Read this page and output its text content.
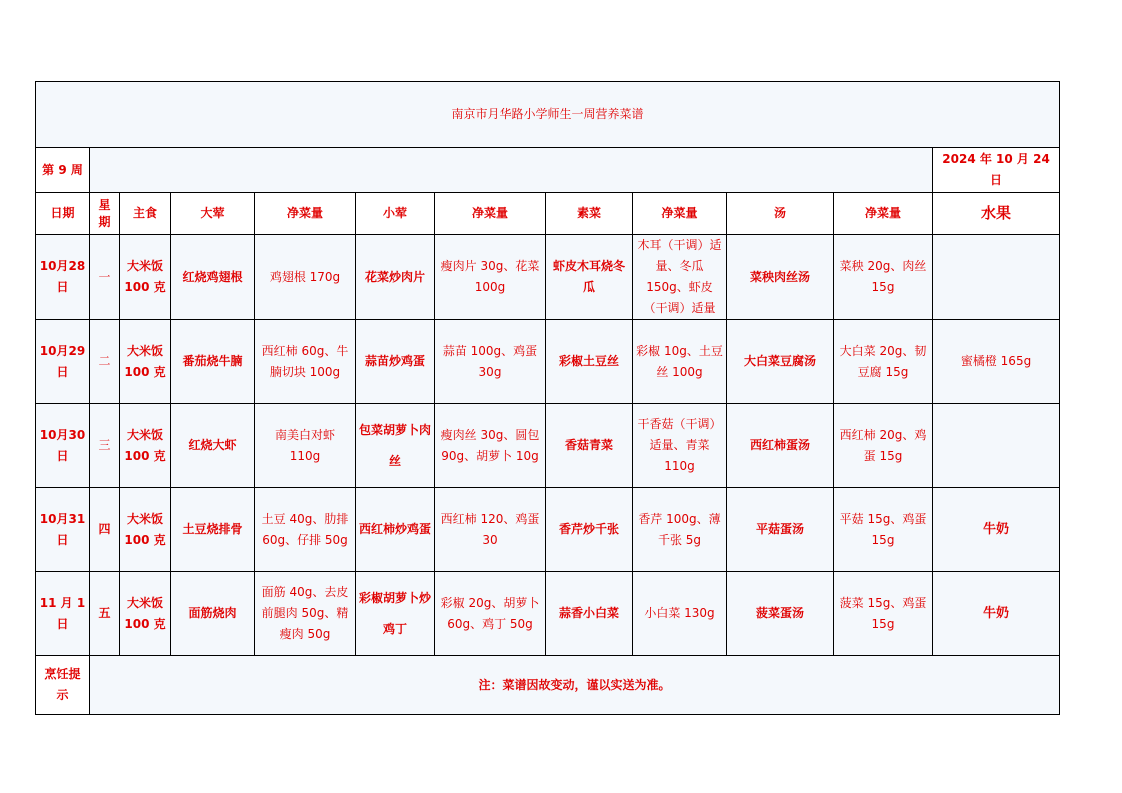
南京市月华路小学师生一周营养菜谱											
第 9 周											2024 年 10 月 24 日
日期	星期	主食	大荤	净菜量	小荤	净菜量	素菜	净菜量	汤	净菜量	水果
10月28日	一	大米饭 100 克	红烧鸡翅根	鸡翅根 170g	花菜炒肉片	瘦肉片 30g、花菜 100g	虾皮木耳烧冬瓜	木耳（干调）适量、冬瓜150g、虾皮（干调）适量	菜秧肉丝汤	菜秧 20g、肉丝 15g	
10月29日	二	大米饭 100 克	番茄烧牛腩	西红柿 60g、牛腩切块 100g	蒜苗炒鸡蛋	蒜苗 100g、鸡蛋 30g	彩椒土豆丝	彩椒 10g、土豆丝 100g	大白菜豆腐汤	大白菜 20g、韧豆腐 15g	蜜橘橙 165g
10月30日	三	大米饭 100 克	红烧大虾	南美白对虾 110g	包菜胡萝卜肉丝	瘦肉丝 30g、圆包 90g、胡萝卜 10g	香菇青菜	干香菇（干调）适量、青菜 110g	西红柿蛋汤	西红柿 20g、鸡蛋 15g	
10月31日	四	大米饭 100 克	土豆烧排骨	土豆 40g、肋排 60g、仔排 50g	西红柿炒鸡蛋	西红柿 120、鸡蛋 30	香芹炒千张	香芹 100g、薄千张 5g	平菇蛋汤	平菇 15g、鸡蛋 15g	牛奶
11 月 1 日	五	大米饭 100 克	面筋烧肉	面筋 40g、去皮前腿肉 50g、精瘦肉 50g	彩椒胡萝卜炒鸡丁	彩椒 20g、胡萝卜 60g、鸡丁 50g	蒜香小白菜	小白菜 130g	菠菜蛋汤	菠菜 15g、鸡蛋 15g	牛奶
烹饪提示	注：菜谱因故变动，谨以实送为准。										
